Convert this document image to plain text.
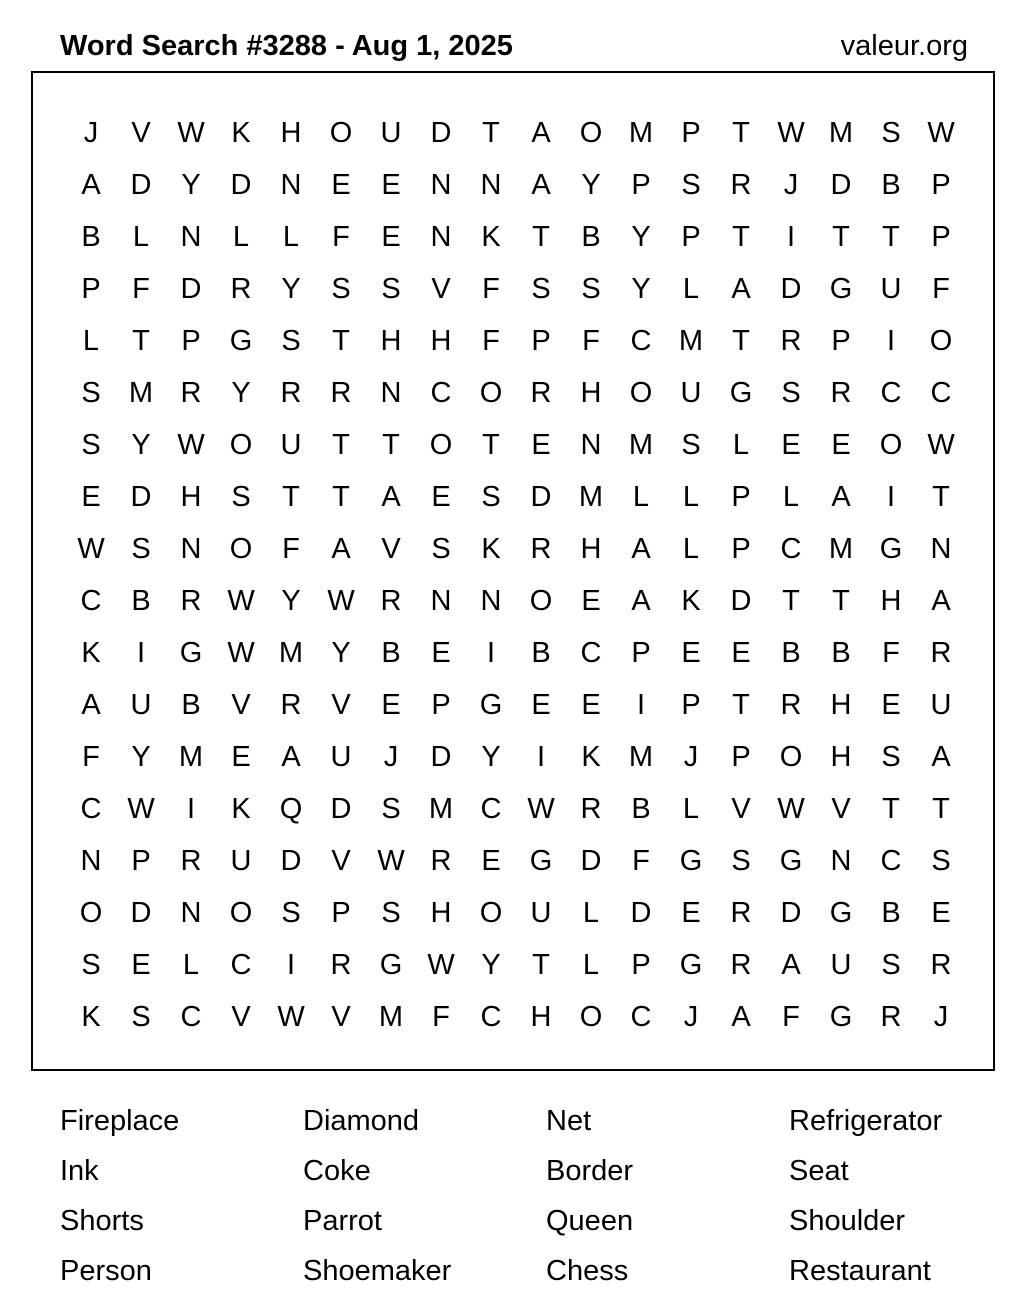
Word Search #3288 - Aug 1, 2025	valeur.org
J	V W K	H O U	D	T	A	O M P	T W M S W
A	D	Y	D	N	E	E	N	N	A	Y	P	S	R	J	D	B	P
B	L	N	L	L	F	E	N	K	T	B	Y	P	T	I	T	T	P
P	F	D	R	Y	S	S	V	F	S	S	Y	L	A	D G U	F
L	T	P	G	S	T	H	H	F	P	F	C M	T	R	P	I	O
S M R	Y	R	R	N	C O R	H O U G	S	R	C	C
S	Y W O U	T	T	O	T	E	N M S	L	E	E	O W
E	D	H	S	T	T	A	E	S	D M	L	L	P	L	A	I	T
W S	N O	F	A	V	S	K	R	H	A	L	P	C M G N
C	B	R W Y W R	N	N O	E	A	K	D	T	T	H	A
K	I	G W M Y	B	E	I	B	C	P	E	E	B	B	F	R
A	U	B	V	R	V	E	P	G	E	E	I	P	T	R	H	E	U
F	Y M E	A	U	J	D	Y	I	K M	J	P	O H	S	A
C W	I	K	Q D	S M C W R	B	L	V W V	T	T
N	P	R	U	D	V W R	E	G D	F	G	S	G N	C	S
O D	N O	S	P	S	H O U	L	D	E	R	D G	B	E
S	E	L	C	I	R G W Y	T	L	P	G R	A	U	S	R
K	S	C	V W V M	F	C	H O C	J	A	F	G R	J
Fireplace	Diamond	Net	Refrigerator
Ink	Coke	Border	Seat
Shorts	Parrot	Queen	Shoulder
Person	Shoemaker	Chess	Restaurant
